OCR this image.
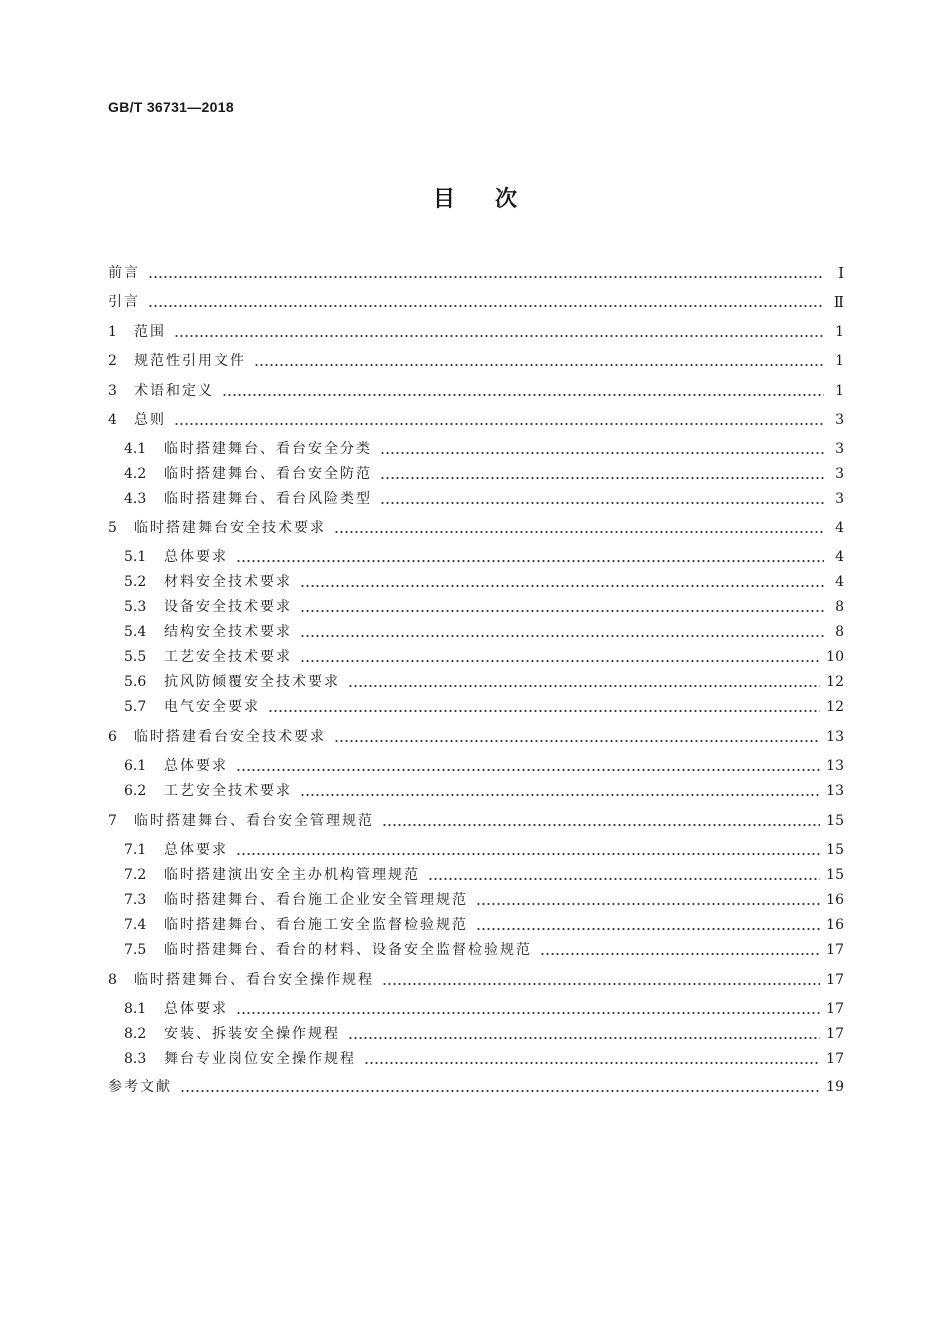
GB/T 36731—2018
目次
前言	Ⅰ
引言	Ⅱ
1	范围	1
2	规范性引用文件	1
3	术语和定义	1
4	总则	3
4.1	临时搭建舞台、看台安全分类	3
4.2	临时搭建舞台、看台安全防范	3
4.3	临时搭建舞台、看台风险类型	3
5	临时搭建舞台安全技术要求	4
5.1	总体要求	4
5.2	材料安全技术要求	4
5.3	设备安全技术要求	8
5.4	结构安全技术要求	8
5.5	工艺安全技术要求	10
5.6	抗风防倾覆安全技术要求	12
5.7	电气安全要求	12
6	临时搭建看台安全技术要求	13
6.1	总体要求	13
6.2	工艺安全技术要求	13
7	临时搭建舞台、看台安全管理规范	15
7.1	总体要求	15
7.2	临时搭建演出安全主办机构管理规范	15
7.3	临时搭建舞台、看台施工企业安全管理规范	16
7.4	临时搭建舞台、看台施工安全监督检验规范	16
7.5	临时搭建舞台、看台的材料、设备安全监督检验规范	17
8	临时搭建舞台、看台安全操作规程	17
8.1	总体要求	17
8.2	安装、拆装安全操作规程	17
8.3	舞台专业岗位安全操作规程	17
参考文献	19
